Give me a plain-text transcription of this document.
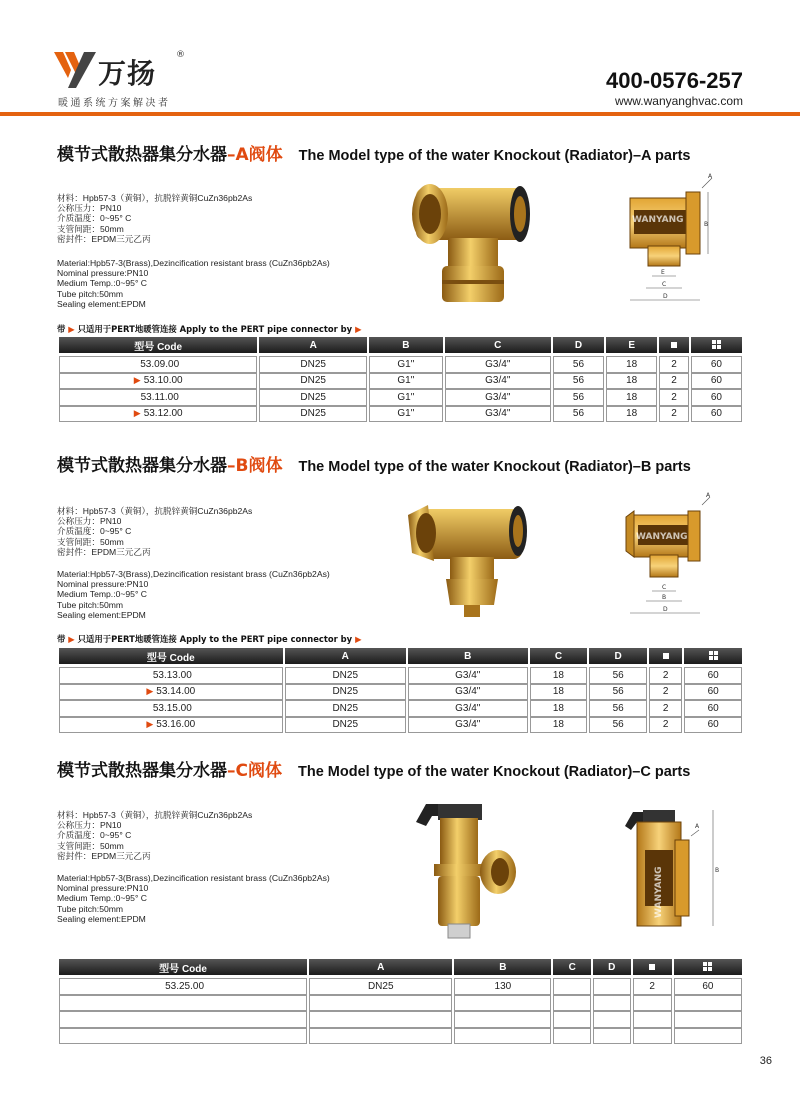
万扬
®
暖通系统方案解决者
400-0576-257
www.wanyanghvac.com
模节式散热器集分水器–A阀体 The Model type of the water Knockout (Radiator)–A parts
材料：Hpb57-3（黄铜），抗脱锌黄铜CuZn36pb2As
公称压力：PN10
介质温度：0~95° C
支管间距：50mm
密封件：EPDM三元乙丙
Material:Hpb57-3(Brass),Dezincification resistant brass (CuZn36pb2As)
Nominal pressure:PN10
Medium Temp.:0~95° C
Tube pitch:50mm
Sealing element:EPDM
A
B
E
C
D
WANYANG
带 ▶ 只适用于PERT地暖管连接 Apply to the PERT pipe connector by ▶
型号 Code	A	B	C	D	E		

53.09.00	DN25	G1"	G3/4"	56	18	2	60
▶ 53.10.00	DN25	G1"	G3/4"	56	18	2	60
53.11.00	DN25	G1"	G3/4"	56	18	2	60
▶ 53.12.00	DN25	G1"	G3/4"	56	18	2	60
模节式散热器集分水器–B阀体 The Model type of the water Knockout (Radiator)–B parts
材料：Hpb57-3（黄铜），抗脱锌黄铜CuZn36pb2As
公称压力：PN10
介质温度：0~95° C
支管间距：50mm
密封件：EPDM三元乙丙
Material:Hpb57-3(Brass),Dezincification resistant brass (CuZn36pb2As)
Nominal pressure:PN10
Medium Temp.:0~95° C
Tube pitch:50mm
Sealing element:EPDM
A
C
B
D
WANYANG
带 ▶ 只适用于PERT地暖管连接 Apply to the PERT pipe connector by ▶
型号 Code	A	B	C	D		

53.13.00	DN25	G3/4"	18	56	2	60
▶ 53.14.00	DN25	G3/4"	18	56	2	60
53.15.00	DN25	G3/4"	18	56	2	60
▶ 53.16.00	DN25	G3/4"	18	56	2	60
模节式散热器集分水器–C阀体 The Model type of the water Knockout (Radiator)–C parts
材料：Hpb57-3（黄铜），抗脱锌黄铜CuZn36pb2As
公称压力：PN10
介质温度：0~95° C
支管间距：50mm
密封件：EPDM三元乙丙
Material:Hpb57-3(Brass),Dezincification resistant brass (CuZn36pb2As)
Nominal pressure:PN10
Medium Temp.:0~95° C
Tube pitch:50mm
Sealing element:EPDM
A
B
WANYANG
型号 Code	A	B	C	D		

53.25.00	DN25	130			2	60

36
